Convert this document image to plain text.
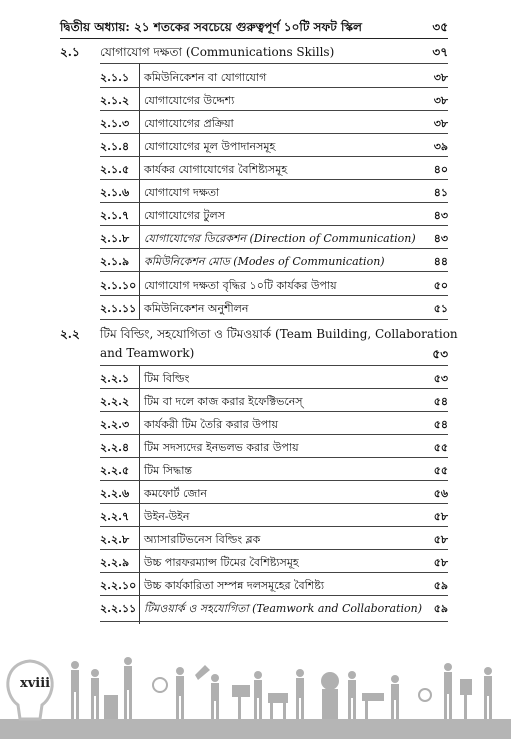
দ্বিতীয় অধ্যায়: ২১ শতকের সবচেয়ে গুরুত্বপূর্ণ ১০টি সফট স্কিল	৩৫
২.১ যোগাযোগ দক্ষতা (Communications Skills)	৩৭
২.১.১ কমিউনিকেশন বা যোগাযোগ	৩৮
২.১.২ যোগাযোগের উদ্দেশ্য	৩৮
২.১.৩ যোগাযোগের প্রক্রিয়া	৩৮
২.১.৪ যোগাযোগের মূল উপাদানসমূহ	৩৯
২.১.৫ কার্যকর যোগাযোগের বৈশিষ্ট্যসমূহ	৪০
২.১.৬ যোগাযোগ দক্ষতা	৪১
২.১.৭ যোগাযোগের টুলস	৪৩
২.১.৮ যোগাযোগের ডিরেকশন (Direction of Communication) ৪৩
২.১.৯ কমিউনিকেশন মোড (Modes of Communication)	৪৪
২.১.১০ যোগাযোগ দক্ষতা বৃদ্ধির ১০টি কার্যকর উপায়	৫০
২.১.১১ কমিউনিকেশন অনুশীলন	৫১
২.২ টিম বিল্ডিং, সহযোগিতা ও টিমওয়ার্ক (Team Building, Collaboration
and Teamwork)	৫৩
২.২.১ টিম বিল্ডিং	৫৩
২.২.২ টিম বা দলে কাজ করার ইফেক্টিভনেস্	৫৪
২.২.৩ কার্যকরী টিম তৈরি করার উপায়	৫৪
২.২.৪ টিম সদস্যদের ইনভলভ করার উপায়	৫৫
২.২.৫ টিম সিদ্ধান্ত	৫৫
২.২.৬ কমফোর্ট জোন	৫৬
২.২.৭ উইন-উইন	৫৮
২.২.৮ অ্যাসারটিভনেস বিল্ডিং ব্লক	৫৮
২.২.৯ উচ্চ পারফরম্যান্স টিমের বৈশিষ্ট্যসমূহ	৫৮
২.২.১০ উচ্চ কার্যকারিতা সম্পন্ন দলসমূহের বৈশিষ্ট্য	৫৯
২.২.১১ টিমওয়ার্ক ও সহযোগিতা (Teamwork and Collaboration) ৫৯
xviii
